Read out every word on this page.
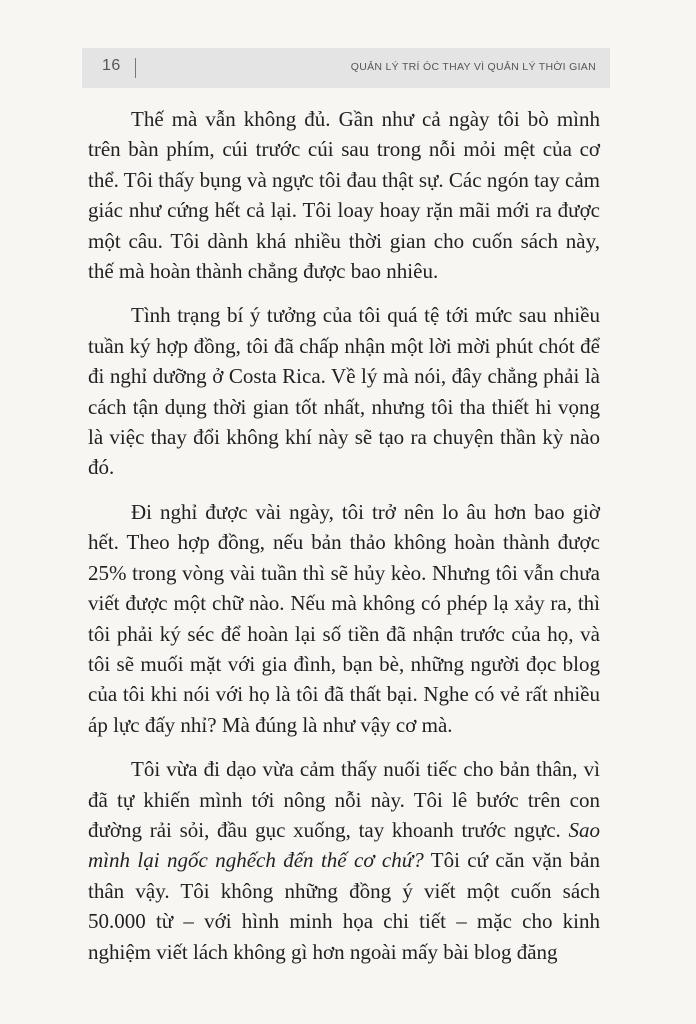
16	QUẢN LÝ TRÍ ÓC THAY VÌ QUẢN LÝ THỜI GIAN

Thế mà vẫn không đủ. Gần như cả ngày tôi bò mình trên bàn phím, cúi trước cúi sau trong nỗi mỏi mệt của cơ thể. Tôi thấy bụng và ngực tôi đau thật sự. Các ngón tay cảm giác như cứng hết cả lại. Tôi loay hoay rặn mãi mới ra được một câu. Tôi dành khá nhiều thời gian cho cuốn sách này, thế mà hoàn thành chẳng được bao nhiêu.

Tình trạng bí ý tưởng của tôi quá tệ tới mức sau nhiều tuần ký hợp đồng, tôi đã chấp nhận một lời mời phút chót để đi nghỉ dưỡng ở Costa Rica. Về lý mà nói, đây chẳng phải là cách tận dụng thời gian tốt nhất, nhưng tôi tha thiết hi vọng là việc thay đổi không khí này sẽ tạo ra chuyện thần kỳ nào đó.

Đi nghỉ được vài ngày, tôi trở nên lo âu hơn bao giờ hết. Theo hợp đồng, nếu bản thảo không hoàn thành được 25% trong vòng vài tuần thì sẽ hủy kèo. Nhưng tôi vẫn chưa viết được một chữ nào. Nếu mà không có phép lạ xảy ra, thì tôi phải ký séc để hoàn lại số tiền đã nhận trước của họ, và tôi sẽ muối mặt với gia đình, bạn bè, những người đọc blog của tôi khi nói với họ là tôi đã thất bại. Nghe có vẻ rất nhiều áp lực đấy nhỉ? Mà đúng là như vậy cơ mà.

Tôi vừa đi dạo vừa cảm thấy nuối tiếc cho bản thân, vì đã tự khiến mình tới nông nỗi này. Tôi lê bước trên con đường rải sỏi, đầu gục xuống, tay khoanh trước ngực. Sao mình lại ngốc nghếch đến thế cơ chứ? Tôi cứ căn vặn bản thân vậy. Tôi không những đồng ý viết một cuốn sách 50.000 từ – với hình minh họa chi tiết – mặc cho kinh nghiệm viết lách không gì hơn ngoài mấy bài blog đăng
